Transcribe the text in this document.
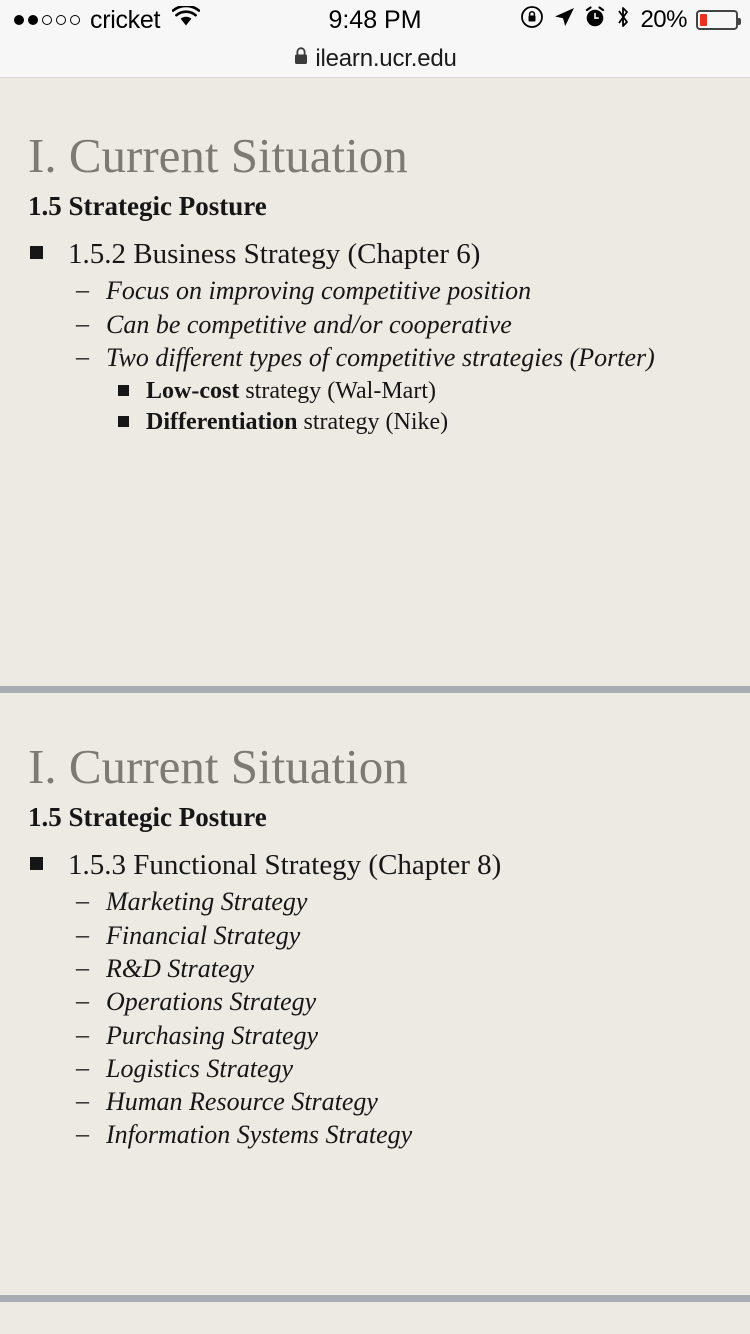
cricket	9:48 PM	20%
ilearn.ucr.edu
I. Current Situation
1.5 Strategic Posture
1.5.2 Business Strategy (Chapter 6)
– Focus on improving competitive position
– Can be competitive and/or cooperative
– Two different types of competitive strategies (Porter)
Low-cost strategy (Wal-Mart)
Differentiation strategy (Nike)
I. Current Situation
1.5 Strategic Posture
1.5.3 Functional Strategy (Chapter 8)
– Marketing Strategy
– Financial Strategy
– R&D Strategy
– Operations Strategy
– Purchasing Strategy
– Logistics Strategy
– Human Resource Strategy
– Information Systems Strategy
